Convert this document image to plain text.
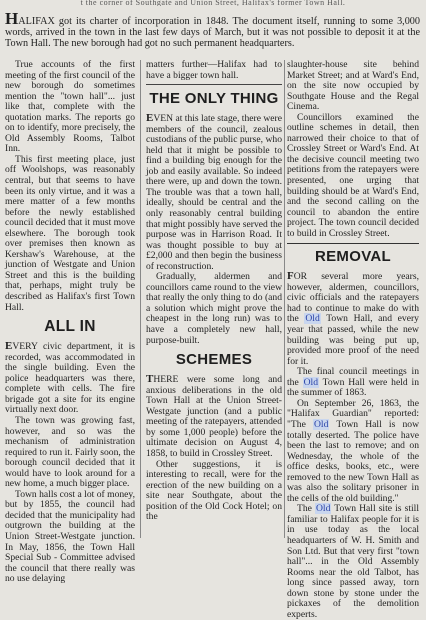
t the corner of Southgate and Union Street, Halifax's former Town Hall.
HALIFAX got its charter of incorporation in 1848. The document itself, running to some 3,000 words, arrived in the town in the last few days of March, but it was not possible to deposit it at the Town Hall. The new borough had got no such permanent headquarters.

True accounts of the first meeting of the first council of the new borough do sometimes mention the "town hall"... just like that, complete with the quotation marks. The reports go on to identify, more precisely, the Old Assembly Rooms, Talbot Inn.

This first meeting place, just off Woolshops, was reasonably central, but that seems to have been its only virtue, and it was a mere matter of a few months before the newly established council decided that it must move elsewhere. The borough took over premises then known as Kershaw's Warehouse, at the junction of Westgate and Union Street and this is the building that, perhaps, might truly be described as Halifax's first Town Hall.

ALL IN

EVERY civic department, it is recorded, was accommodated in the single building. Even the police headquarters was there, complete with cells. The fire brigade got a site for its engine virtually next door.

The town was growing fast, however, and so was the mechanism of administration required to run it. Fairly soon, the borough council decided that it would have to look around for a new home, a much bigger place.

Town halls cost a lot of money, but by 1855, the council had decided that the municipality had outgrown the building at the Union Street-Westgate junction. In May, 1856, the Town Hall Special Sub - Committee advised the council that there really was no use delaying

matters further—Halifax had to have a bigger town hall.

THE ONLY THING

EVEN at this late stage, there were members of the council, zealous custodians of the public purse, who held that it might be possible to find a building big enough for the job and easily available. So indeed there were, up and down the town. The trouble was that a town hall, ideally, should be central and the only reasonably central building that might possibly have served the purpose was in Harrison Road. It was thought possible to buy at £2,000 and then begin the business of reconstruction.

Gradually, aldermen and councillors came round to the view that really the only thing to do (and a solution which might prove the cheapest in the long run) was to have a completely new hall, purpose-built.

SCHEMES

THERE were some long and anxious deliberations in the old Town Hall at the Union Street-Westgate junction (and a public meeting of the ratepayers, attended by some 1,000 people) before the ultimate decision on August 4, 1858, to build in Crossley Street.

Other suggestions, it is interesting to recall, were for the erection of the new building on a site near Southgate, about the position of the Old Cock Hotel; on the

slaughter-house site behind Market Street; and at Ward's End, on the site now occupied by Southgate House and the Regal Cinema.

Councillors examined the outline schemes in detail, then narrowed their choice to that of Crossley Street or Ward's End. At the decisive council meeting two petitions from the ratepayers were presented, one urging that building should be at Ward's End, and the second calling on the council to abandon the entire project. The town council decided to build in Crossley Street.

REMOVAL

FOR several more years, however, aldermen, councillors, civic officials and the ratepayers had to continue to make do with the Old Town Hall, and every year that passed, while the new building was being put up, provided more proof of the need for it.

The final council meetings in the Old Town Hall were held in the summer of 1863.

On September 26, 1863, the "Halifax Guardian" reported: "The Old Town Hall is now totally deserted. The police have been the last to remove; and on Wednesday, the whole of the office desks, books, etc., were removed to the new Town Hall as was also the solitary prisoner in the cells of the old building."

The Old Town Hall site is still familiar to Halifax people for it is in use today as the local headquarters of W. H. Smith and Son Ltd. But that very first "town hall"... in the Old Assembly Rooms near the old Talbot, has long since passed away, torn down stone by stone under the pickaxes of the demolition experts.
